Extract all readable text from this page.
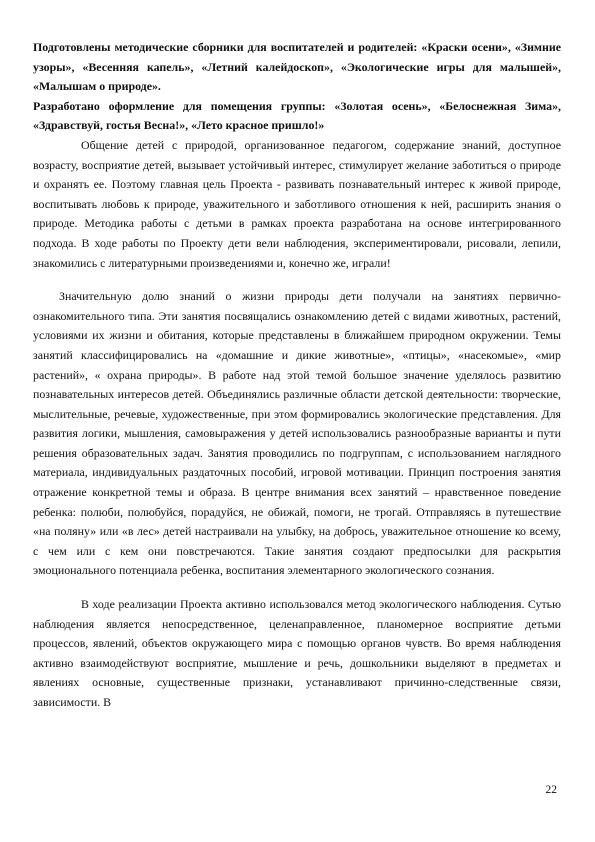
Подготовлены методические сборники для воспитателей и родителей: «Краски осени», «Зимние узоры», «Весенняя капель», «Летний калейдоскоп», «Экологические игры для малышей», «Малышам о природе».

Разработано оформление для помещения группы: «Золотая осень», «Белоснежная Зима», «Здравствуй, гостья Весна!», «Лето красное пришло!»

Общение детей с природой, организованное педагогом, содержание знаний, доступное возрасту, восприятие детей, вызывает устойчивый интерес, стимулирует желание заботиться о природе и охранять ее. Поэтому главная цель Проекта - развивать познавательный интерес к живой природе, воспитывать любовь к природе, уважительного и заботливого отношения к ней, расширить знания о природе. Методика работы с детьми в рамках проекта разработана на основе интегрированного подхода. В ходе работы по Проекту дети вели наблюдения, экспериментировали, рисовали, лепили, знакомились с литературными произведениями и, конечно же, играли!

Значительную долю знаний о жизни природы дети получали на занятиях первично-ознакомительного типа. Эти занятия посвящались ознакомлению детей с видами животных, растений, условиями их жизни и обитания, которые представлены в ближайшем природном окружении. Темы занятий классифицировались на «домашние и дикие животные», «птицы», «насекомые», «мир растений», « охрана природы». В работе над этой темой большое значение уделялось развитию познавательных интересов детей. Объединялись различные области детской деятельности: творческие, мыслительные, речевые, художественные, при этом формировались экологические представления. Для развития логики, мышления, самовыражения у детей использовались разнообразные варианты и пути решения образовательных задач. Занятия проводились по подгруппам, с использованием наглядного материала, индивидуальных раздаточных пособий, игровой мотивации. Принцип построения занятия отражение конкретной темы и образа. В центре внимания всех занятий – нравственное поведение ребенка: полюби, полюбуйся, порадуйся, не обижай, помоги, не трогай. Отправляясь в путешествие «на поляну» или «в лес» детей настраивали на улыбку, на добрось, уважительное отношение ко всему, с чем или с кем они повстречаются. Такие занятия создают предпосылки для раскрытия эмоционального потенциала ребенка, воспитания элементарного экологического сознания.

В ходе реализации Проекта активно использовался метод экологического наблюдения. Сутью наблюдения является непосредственное, целенаправленное, планомерное восприятие детьми процессов, явлений, объектов окружающего мира с помощью органов чувств. Во время наблюдения активно взаимодействуют восприятие, мышление и речь, дошкольники выделяют в предметах и явлениях основные, существенные признаки, устанавливают причинно-следственные связи, зависимости. В

22
